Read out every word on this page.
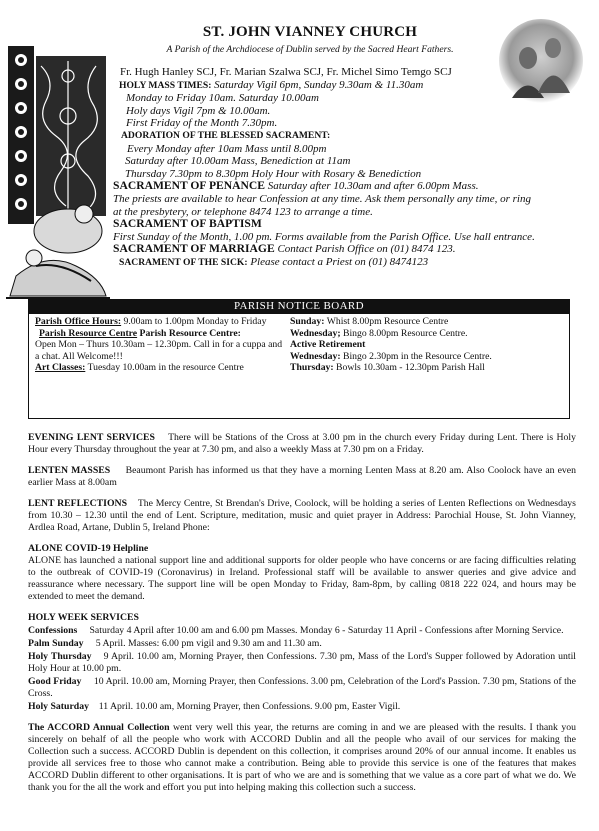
ST. JOHN VIANNEY CHURCH
A Parish of the Archdiocese of Dublin served by the Sacred Heart Fathers.
Fr. Hugh Hanley SCJ, Fr. Marian Szalwa SCJ, Fr. Michel Simo Temgo SCJ
HOLY MASS TIMES: Saturday Vigil 6pm, Sunday 9.30am & 11.30am
Monday to Friday 10am. Saturday 10.00am
Holy days Vigil 7pm & 10.00am.
First Friday of the Month 7.30pm.
ADORATION OF THE BLESSED SACRAMENT:
Every Monday after 10am Mass until 8.00pm
Saturday after 10.00am Mass, Benediction at 11am
Thursday 7.30pm to 8.30pm Holy Hour with Rosary & Benediction
SACRAMENT OF PENANCE Saturday after 10.30am and after 6.00pm Mass.
The priests are available to hear Confession at any time. Ask them personally any time, or ring
at the presbytery, or telephone 8474 123 to arrange a time.
SACRAMENT OF BAPTISM
First Sunday of the Month, 1.00 pm. Forms available from the Parish Office. Use hall entrance.
SACRAMENT OF MARRIAGE Contact Parish Office on (01) 8474 123.
SACRAMENT OF THE SICK: Please contact a Priest on (01) 8474123
PARISH NOTICE BOARD
Parish Office Hours: 9.00am to 1.00pm Monday to Friday
Parish Resource Centre Parish Resource Centre:
Open Mon – Thurs 10.30am – 12.30pm. Call in for a cuppa and a chat. All Welcome!!!
Art Classes: Tuesday 10.00am in the resource Centre
Sunday: Whist 8.00pm Resource Centre
Wednesday; Bingo 8.00pm Resource Centre.
Active Retirement
Wednesday: Bingo 2.30pm in the Resource Centre.
Thursday: Bowls 10.30am - 12.30pm Parish Hall

EVENING LENT SERVICES There will be Stations of the Cross at 3.00 pm in the church every Friday during Lent. There is Holy Hour every Thursday throughout the year at 7.30 pm, and also a weekly Mass at 7.30 pm on a Friday.

LENTEN MASSES Beaumont Parish has informed us that they have a morning Lenten Mass at 8.20 am. Also Coolock have an even earlier Mass at 8.00am

LENT REFLECTIONS The Mercy Centre, St Brendan's Drive, Coolock, will be holding a series of Lenten Reflections on Wednesdays from 10.30 – 12.30 until the end of Lent. Scripture, meditation, music and quiet prayer in Address: Parochial House, St. John Vianney, Ardlea Road, Artane, Dublin 5, Ireland Phone:

ALONE COVID-19 Helpline
ALONE has launched a national support line and additional supports for older people who have concerns or are facing difficulties relating to the outbreak of COVID-19 (Coronavirus) in Ireland. Professional staff will be available to answer queries and give advice and reassurance where necessary. The support line will be open Monday to Friday, 8am-8pm, by calling 0818 222 024, and hours may be extended to meet the demand.

HOLY WEEK SERVICES
Confessions Saturday 4 April after 10.00 am and 6.00 pm Masses. Monday 6 - Saturday 11 April - Confessions after Morning Service.
Palm Sunday 5 April. Masses: 6.00 pm vigil and 9.30 am and 11.30 am.
Holy Thursday 9 April. 10.00 am, Morning Prayer, then Confessions. 7.30 pm, Mass of the Lord's Supper followed by Adoration until Holy Hour at 10.00 pm.
Good Friday 10 April. 10.00 am, Morning Prayer, then Confessions. 3.00 pm, Celebration of the Lord's Passion. 7.30 pm, Stations of the Cross.

Holy Saturday 11 April. 10.00 am, Morning Prayer, then Confessions. 9.00 pm, Easter Vigil.

The ACCORD Annual Collection went very well this year, the returns are coming in and we are pleased with the results. I thank you sincerely on behalf of all the people who work with ACCORD Dublin and all the people who avail of our services for making the Collection such a success. ACCORD Dublin is dependent on this collection, it comprises around 20% of our annual income. It enables us provide all services free to those who cannot make a contribution. Being able to provide this service is one of the features that makes ACCORD Dublin different to other organisations. It is part of who we are and is something that we value as a core part of what we do. We thank you for the all the work and effort you put into helping making this collection such a success.
